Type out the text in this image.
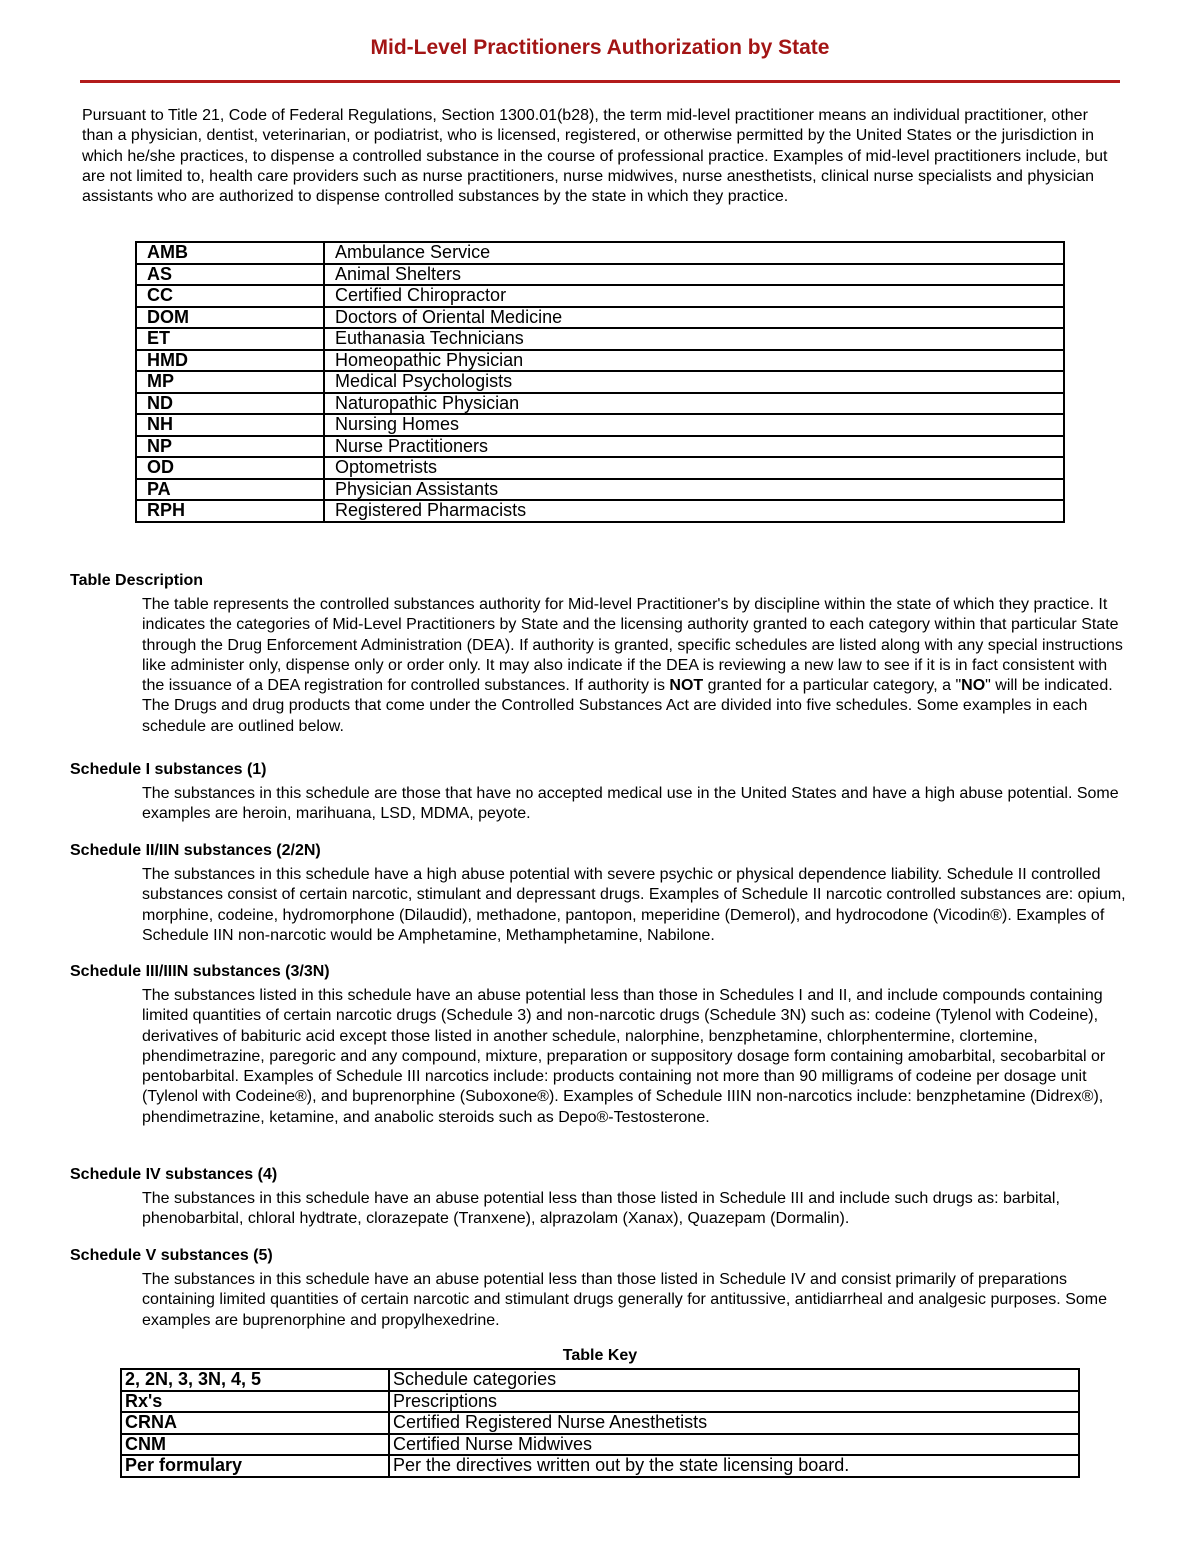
Mid-Level Practitioners Authorization by State

Pursuant to Title 21, Code of Federal Regulations, Section 1300.01(b28), the term mid-level practitioner means an individual practitioner, other than a physician, dentist, veterinarian, or podiatrist, who is licensed, registered, or otherwise permitted by the United States or the jurisdiction in which he/she practices, to dispense a controlled substance in the course of professional practice. Examples of mid-level practitioners include, but are not limited to, health care providers such as nurse practitioners, nurse midwives, nurse anesthetists, clinical nurse specialists and physician assistants who are authorized to dispense controlled substances by the state in which they practice.

AMB	Ambulance Service
AS	Animal Shelters
CC	Certified Chiropractor
DOM	Doctors of Oriental Medicine
ET	Euthanasia Technicians
HMD	Homeopathic Physician
MP	Medical Psychologists
ND	Naturopathic Physician
NH	Nursing Homes
NP	Nurse Practitioners
OD	Optometrists
PA	Physician Assistants
RPH	Registered Pharmacists
Table Description

The table represents the controlled substances authority for Mid-level Practitioner's by discipline within the state of which they practice. It indicates the categories of Mid-Level Practitioners by State and the licensing authority granted to each category within that particular State through the Drug Enforcement Administration (DEA). If authority is granted, specific schedules are listed along with any special instructions like administer only, dispense only or order only. It may also indicate if the DEA is reviewing a new law to see if it is in fact consistent with the issuance of a DEA registration for controlled substances. If authority is NOT granted for a particular category, a "NO" will be indicated. The Drugs and drug products that come under the Controlled Substances Act are divided into five schedules. Some examples in each schedule are outlined below.

Schedule I substances (1)

The substances in this schedule are those that have no accepted medical use in the United States and have a high abuse potential. Some examples are heroin, marihuana, LSD, MDMA, peyote.

Schedule II/IIN substances (2/2N)

The substances in this schedule have a high abuse potential with severe psychic or physical dependence liability. Schedule II controlled substances consist of certain narcotic, stimulant and depressant drugs. Examples of Schedule II narcotic controlled substances are: opium, morphine, codeine, hydromorphone (Dilaudid), methadone, pantopon, meperidine (Demerol), and hydrocodone (Vicodin®). Examples of Schedule IIN non-narcotic would be Amphetamine, Methamphetamine, Nabilone.

Schedule III/IIIN substances (3/3N)

The substances listed in this schedule have an abuse potential less than those in Schedules I and II, and include compounds containing limited quantities of certain narcotic drugs (Schedule 3) and non-narcotic drugs (Schedule 3N) such as: codeine (Tylenol with Codeine), derivatives of babituric acid except those listed in another schedule, nalorphine, benzphetamine, chlorphentermine, clortemine, phendimetrazine, paregoric and any compound, mixture, preparation or suppository dosage form containing amobarbital, secobarbital or pentobarbital. Examples of Schedule III narcotics include: products containing not more than 90 milligrams of codeine per dosage unit (Tylenol with Codeine®), and buprenorphine (Suboxone®). Examples of Schedule IIIN non-narcotics include: benzphetamine (Didrex®), phendimetrazine, ketamine, and anabolic steroids such as Depo®-Testosterone.

Schedule IV substances (4)

The substances in this schedule have an abuse potential less than those listed in Schedule III and include such drugs as: barbital, phenobarbital, chloral hydtrate, clorazepate (Tranxene), alprazolam (Xanax), Quazepam (Dormalin).

Schedule V substances (5)

The substances in this schedule have an abuse potential less than those listed in Schedule IV and consist primarily of preparations containing limited quantities of certain narcotic and stimulant drugs generally for antitussive, antidiarrheal and analgesic purposes. Some examples are buprenorphine and propylhexedrine.

Table Key
2, 2N, 3, 3N, 4, 5	Schedule categories
Rx's	Prescriptions
CRNA	Certified Registered Nurse Anesthetists
CNM	Certified Nurse Midwives
Per formulary	Per the directives written out by the state licensing board.
